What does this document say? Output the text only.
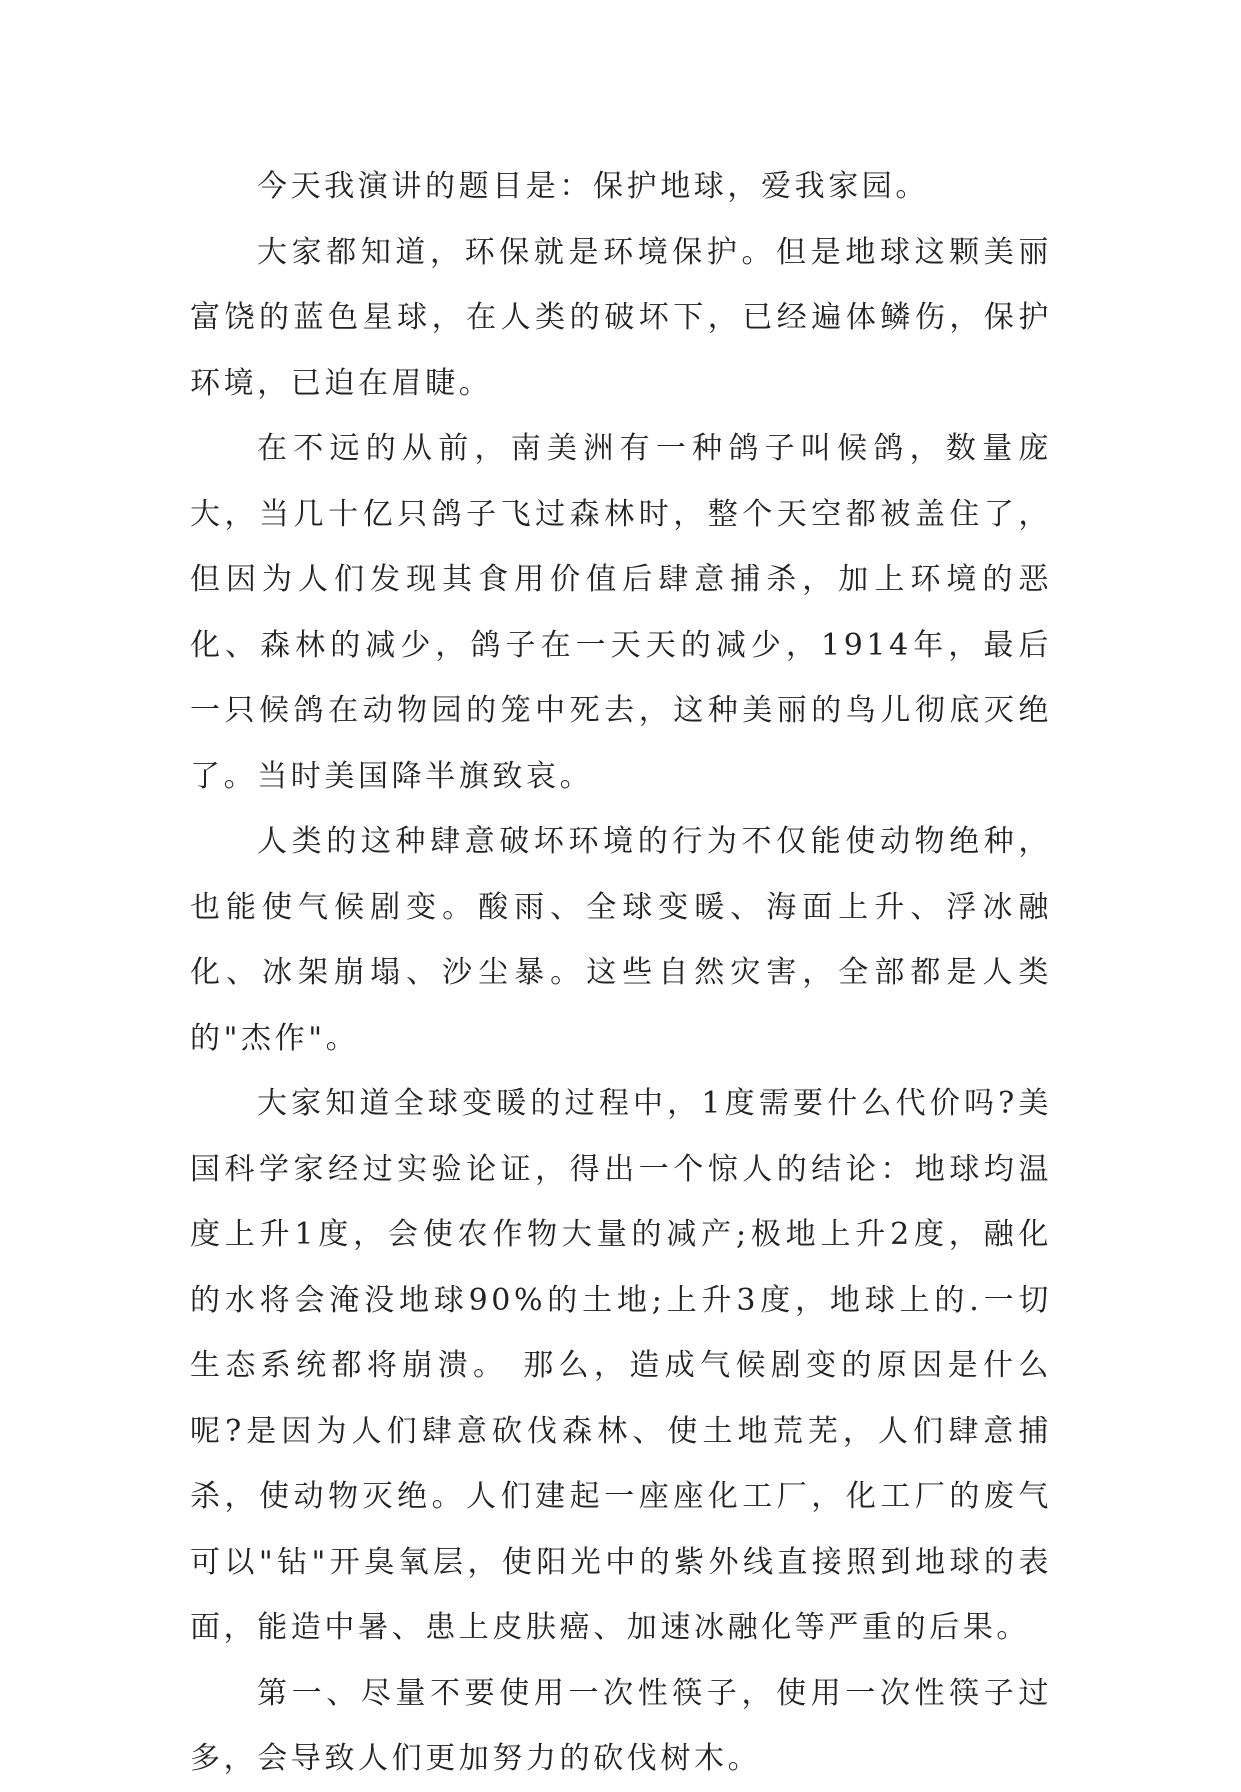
今天我演讲的题目是：保护地球，爱我家园。

大家都知道，环保就是环境保护。但是地球这颗美丽富饶的蓝色星球，在人类的破坏下，已经遍体鳞伤，保护环境，已迫在眉睫。

在不远的从前，南美洲有一种鸽子叫候鸽，数量庞大，当几十亿只鸽子飞过森林时，整个天空都被盖住了，但因为人们发现其食用价值后肆意捕杀，加上环境的恶化、森林的减少，鸽子在一天天的减少，1914年，最后一只候鸽在动物园的笼中死去，这种美丽的鸟儿彻底灭绝了。当时美国降半旗致哀。

人类的这种肆意破坏环境的行为不仅能使动物绝种，也能使气候剧变。酸雨、全球变暖、海面上升、浮冰融化、冰架崩塌、沙尘暴。这些自然灾害，全部都是人类的"杰作"。

大家知道全球变暖的过程中，1度需要什么代价吗?美国科学家经过实验论证，得出一个惊人的结论：地球均温度上升1度，会使农作物大量的减产;极地上升2度，融化的水将会淹没地球90%的土地;上升3度，地球上的.一切生态系统都将崩溃。 那么，造成气候剧变的原因是什么呢?是因为人们肆意砍伐森林、使土地荒芜，人们肆意捕杀，使动物灭绝。人们建起一座座化工厂，化工厂的废气可以"钻"开臭氧层，使阳光中的紫外线直接照到地球的表面，能造中暑、患上皮肤癌、加速冰融化等严重的后果。

第一、尽量不要使用一次性筷子，使用一次性筷子过多，会导致人们更加努力的砍伐树木。
